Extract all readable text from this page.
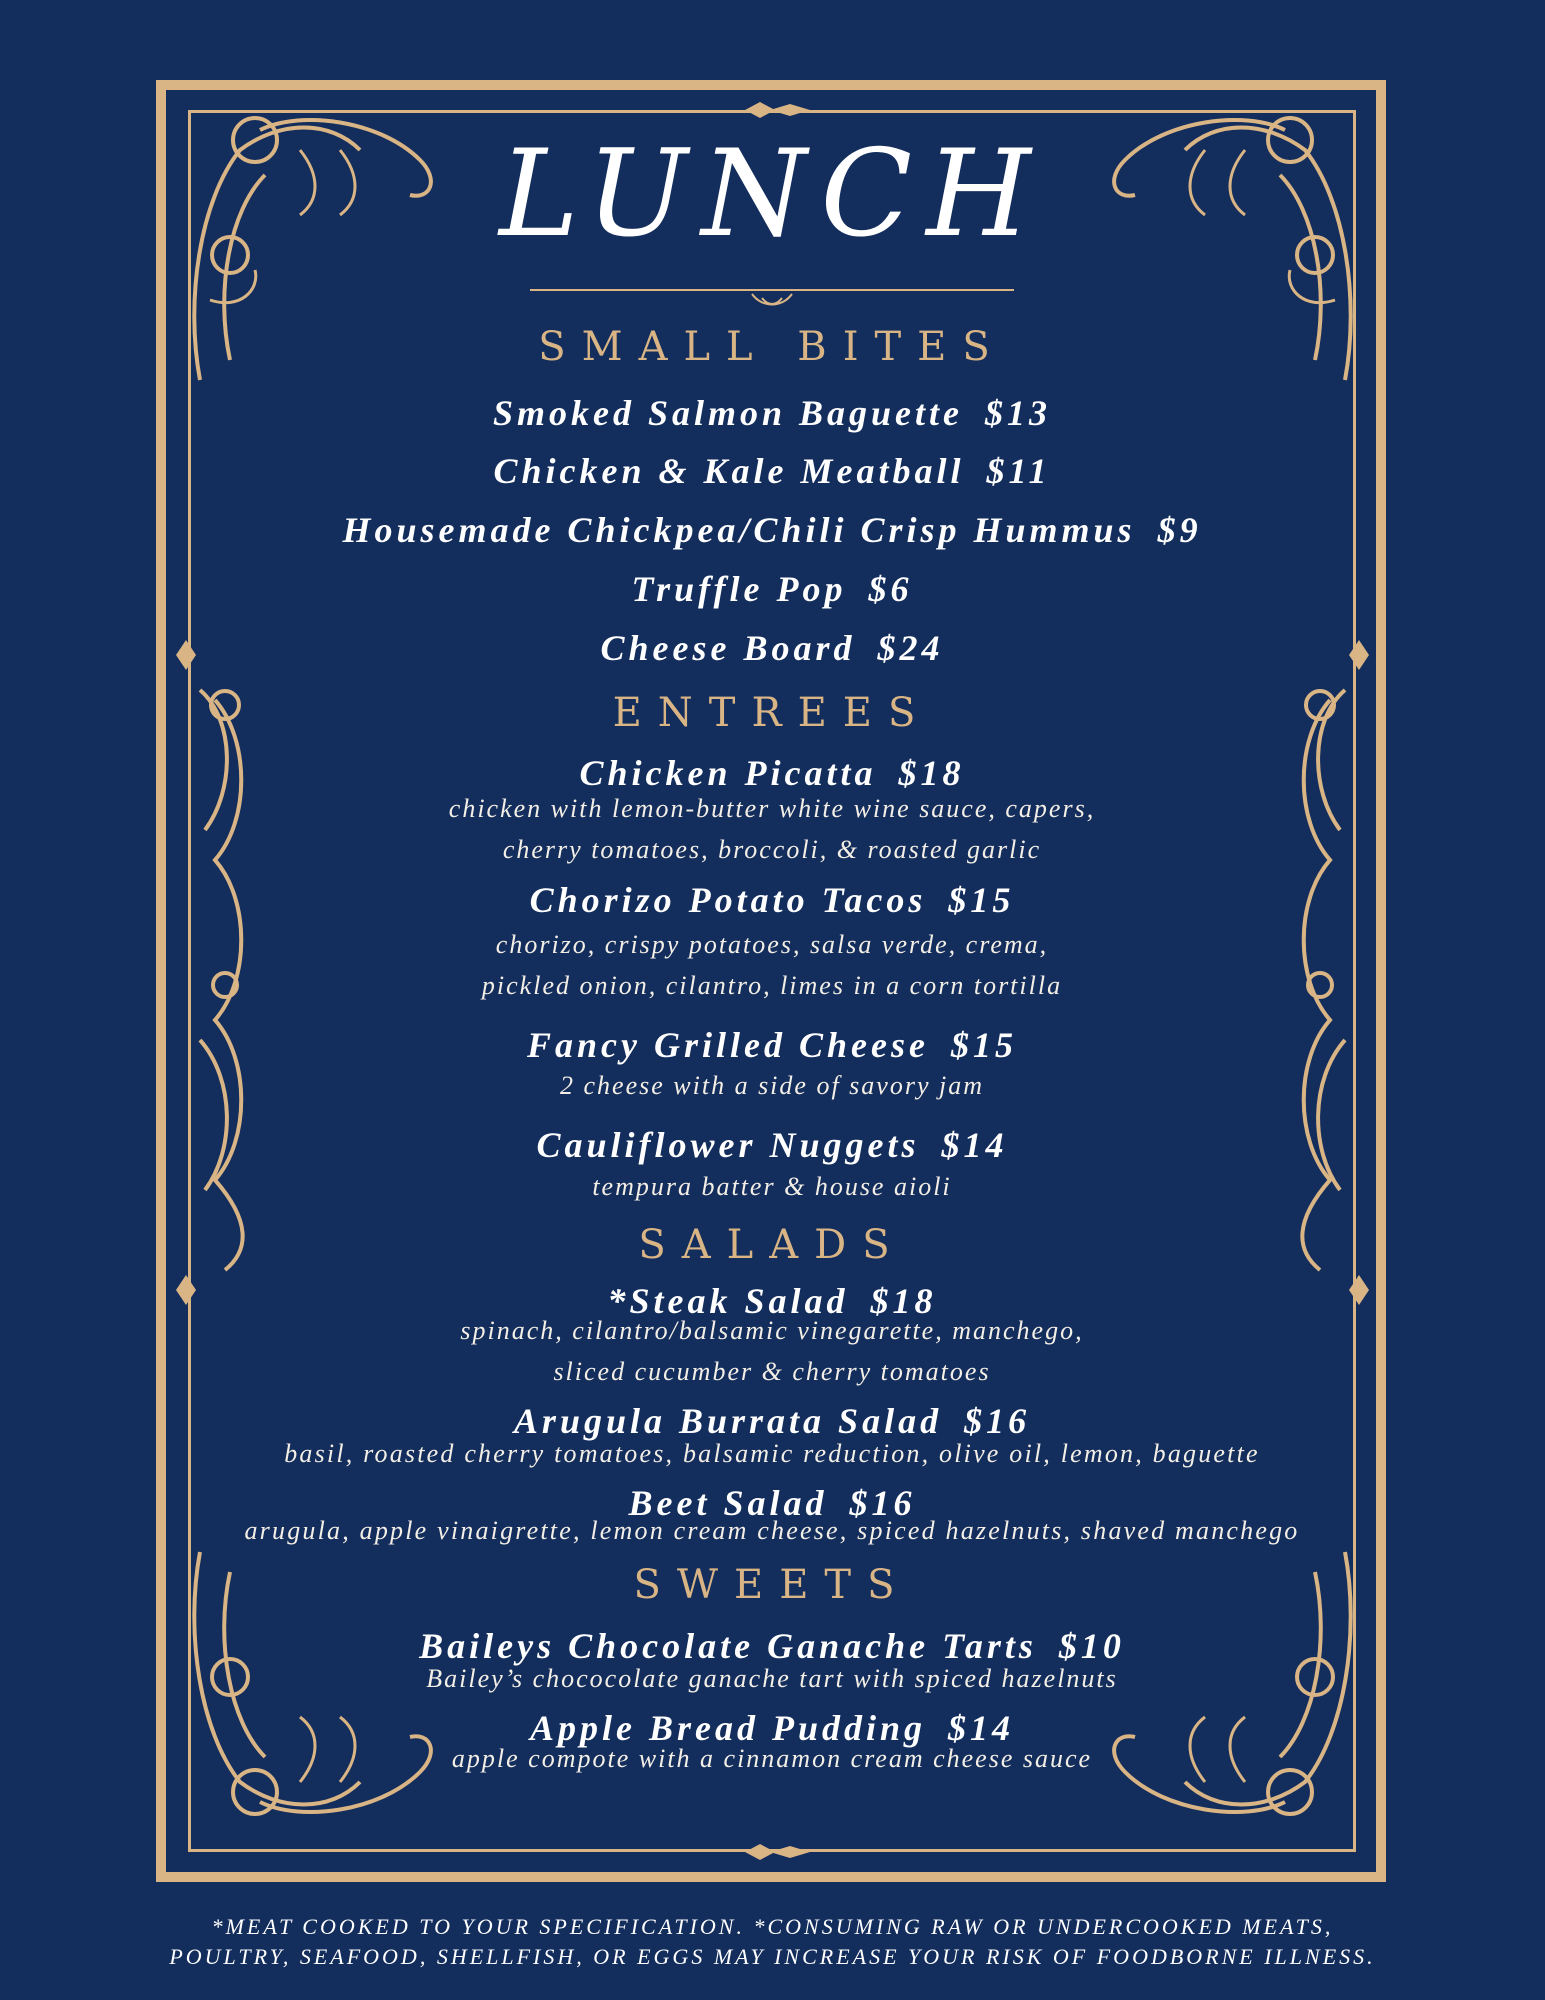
LUNCH
SMALL BITES
Smoked Salmon Baguette $13
Chicken & Kale Meatball $11
Housemade Chickpea/Chili Crisp Hummus $9
Truffle Pop $6
Cheese Board $24
ENTREES
Chicken Picatta $18
chicken with lemon-butter white wine sauce, capers,
cherry tomatoes, broccoli, & roasted garlic
Chorizo Potato Tacos $15
chorizo, crispy potatoes, salsa verde, crema,
pickled onion, cilantro, limes in a corn tortilla
Fancy Grilled Cheese $15
2 cheese with a side of savory jam
Cauliflower Nuggets $14
tempura batter & house aioli
SALADS
*Steak Salad $18
spinach, cilantro/balsamic vinegarette, manchego,
sliced cucumber & cherry tomatoes
Arugula Burrata Salad $16
basil, roasted cherry tomatoes, balsamic reduction, olive oil, lemon, baguette
Beet Salad $16
arugula, apple vinaigrette, lemon cream cheese, spiced hazelnuts, shaved manchego
SWEETS
Baileys Chocolate Ganache Tarts $10
Bailey’s chococolate ganache tart with spiced hazelnuts
Apple Bread Pudding $14
apple compote with a cinnamon cream cheese sauce
*MEAT COOKED TO YOUR SPECIFICATION. *CONSUMING RAW OR UNDERCOOKED MEATS,
POULTRY, SEAFOOD, SHELLFISH, OR EGGS MAY INCREASE YOUR RISK OF FOODBORNE ILLNESS.
